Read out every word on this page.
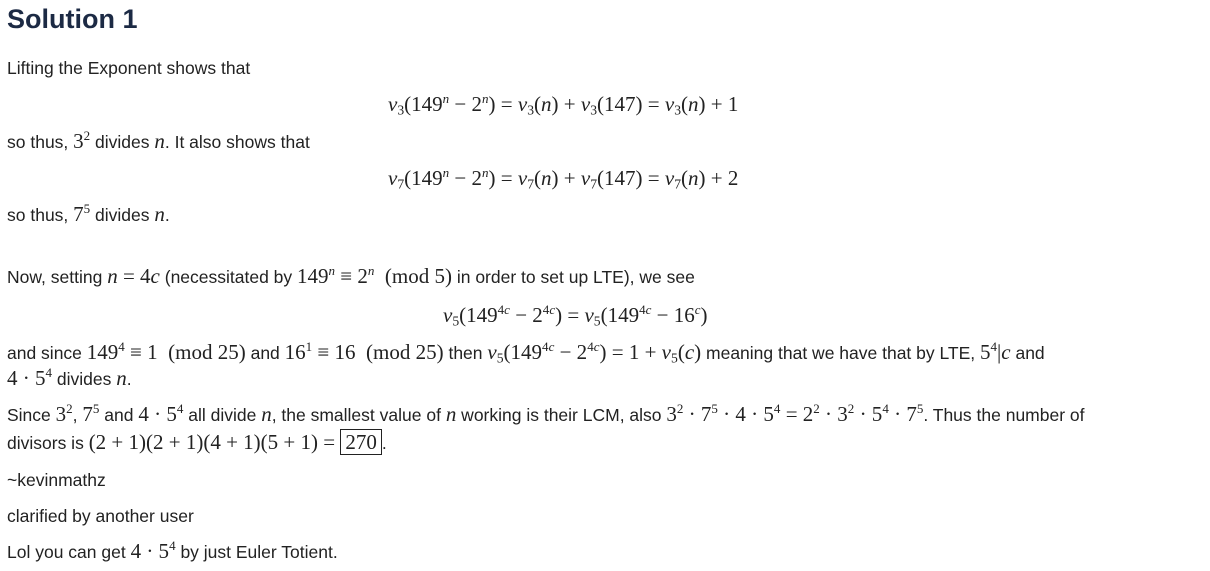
Solution 1
Lifting the Exponent shows that
$v_3(149^n - 2^n) = v_3(n) + v_3(147) = v_3(n) + 1$
so thus, $3^2$ divides n. It also shows that
$v_7(149^n - 2^n) = v_7(n) + v_7(147) = v_7(n) + 2$
so thus, $7^5$ divides n.
Now, setting n = 4c (necessitated by $149^n \equiv 2^n$  (mod 5) in order to set up LTE), we see
$v_5(149^{4c} - 2^{4c}) = v_5(149^{4c} - 16^c)$
and since $149^4 \equiv 1$  (mod 25) and $16^1 \equiv 16$  (mod 25) then $v_5(149^{4c} - 2^{4c}) = 1 + v_5(c)$ meaning that we have that by LTE, $5^4|c$ and
$4 \cdot 5^4$ divides n.
Since $3^2$, $7^5$ and $4 \cdot 5^4$ all divide n, the smallest value of n working is their LCM, also $3^2 \cdot 7^5 \cdot 4 \cdot 5^4 = 2^2 \cdot 3^2 \cdot 5^4 \cdot 7^5$. Thus the number of
divisors is (2 + 1)(2 + 1)(4 + 1)(5 + 1) = 270 .
~kevinmathz
clarified by another user
Lol you can get $4 \cdot 5^4$ by just Euler Totient.
